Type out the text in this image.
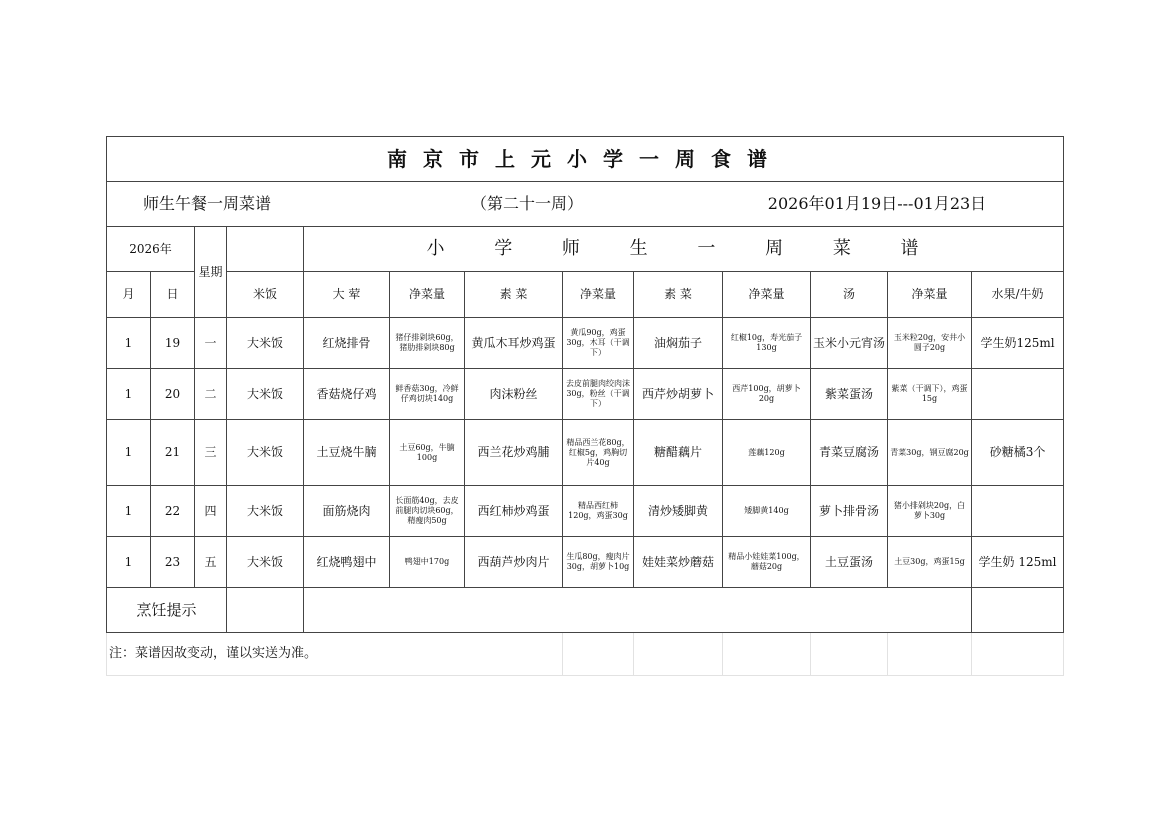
南京市上元小学一周食谱												

师生午餐一周菜谱 （第二十一周） 2026年01月19日---01月23日												

2026年		星期		小 学 师 生 一 周 菜 谱								
月	日		米饭	大 荤	净菜量	素 菜	净菜量	素 菜	净菜量	汤	净菜量	水果/牛奶
1	19	一	大米饭	红烧排骨	猪仔排剁块60g，猪肋排剁块80g	黄瓜木耳炒鸡蛋	黄瓜90g，鸡蛋30g，木耳（干调下）	油焖茄子	红椒10g，寿光茄子130g	玉米小元宵汤	玉米粒20g，安井小圆子20g	学生奶125ml
1	20	二	大米饭	香菇烧仔鸡	鲜香菇30g，冷鲜仔鸡切块140g	肉沫粉丝	去皮前腿肉绞肉沫30g，粉丝（干调下）	西芹炒胡萝卜	西芹100g，胡萝卜20g	紫菜蛋汤	紫菜（干调下），鸡蛋15g	
1	21	三	大米饭	土豆烧牛腩	土豆60g，牛腩100g	西兰花炒鸡脯	精品西兰花80g，红椒5g，鸡胸切片40g	糖醋藕片	莲藕120g	青菜豆腐汤	青菜30g，钢豆腐20g	砂糖橘3个
1	22	四	大米饭	面筋烧肉	长面筋40g，去皮前腿肉切块60g，精瘦肉50g	西红柿炒鸡蛋	精品西红柿120g，鸡蛋30g	清炒矮脚黄	矮脚黄140g	萝卜排骨汤	猪小排剁块20g，白萝卜30g	
1	23	五	大米饭	红烧鸭翅中	鸭翅中170g	西葫芦炒肉片	生瓜80g，瘦肉片30g，胡萝卜10g	娃娃菜炒蘑菇	精品小娃娃菜100g，蘑菇20g	土豆蛋汤	土豆30g，鸡蛋15g	学生奶 125ml
烹饪提示												
注：菜谱因故变动，谨以实送为准。												
